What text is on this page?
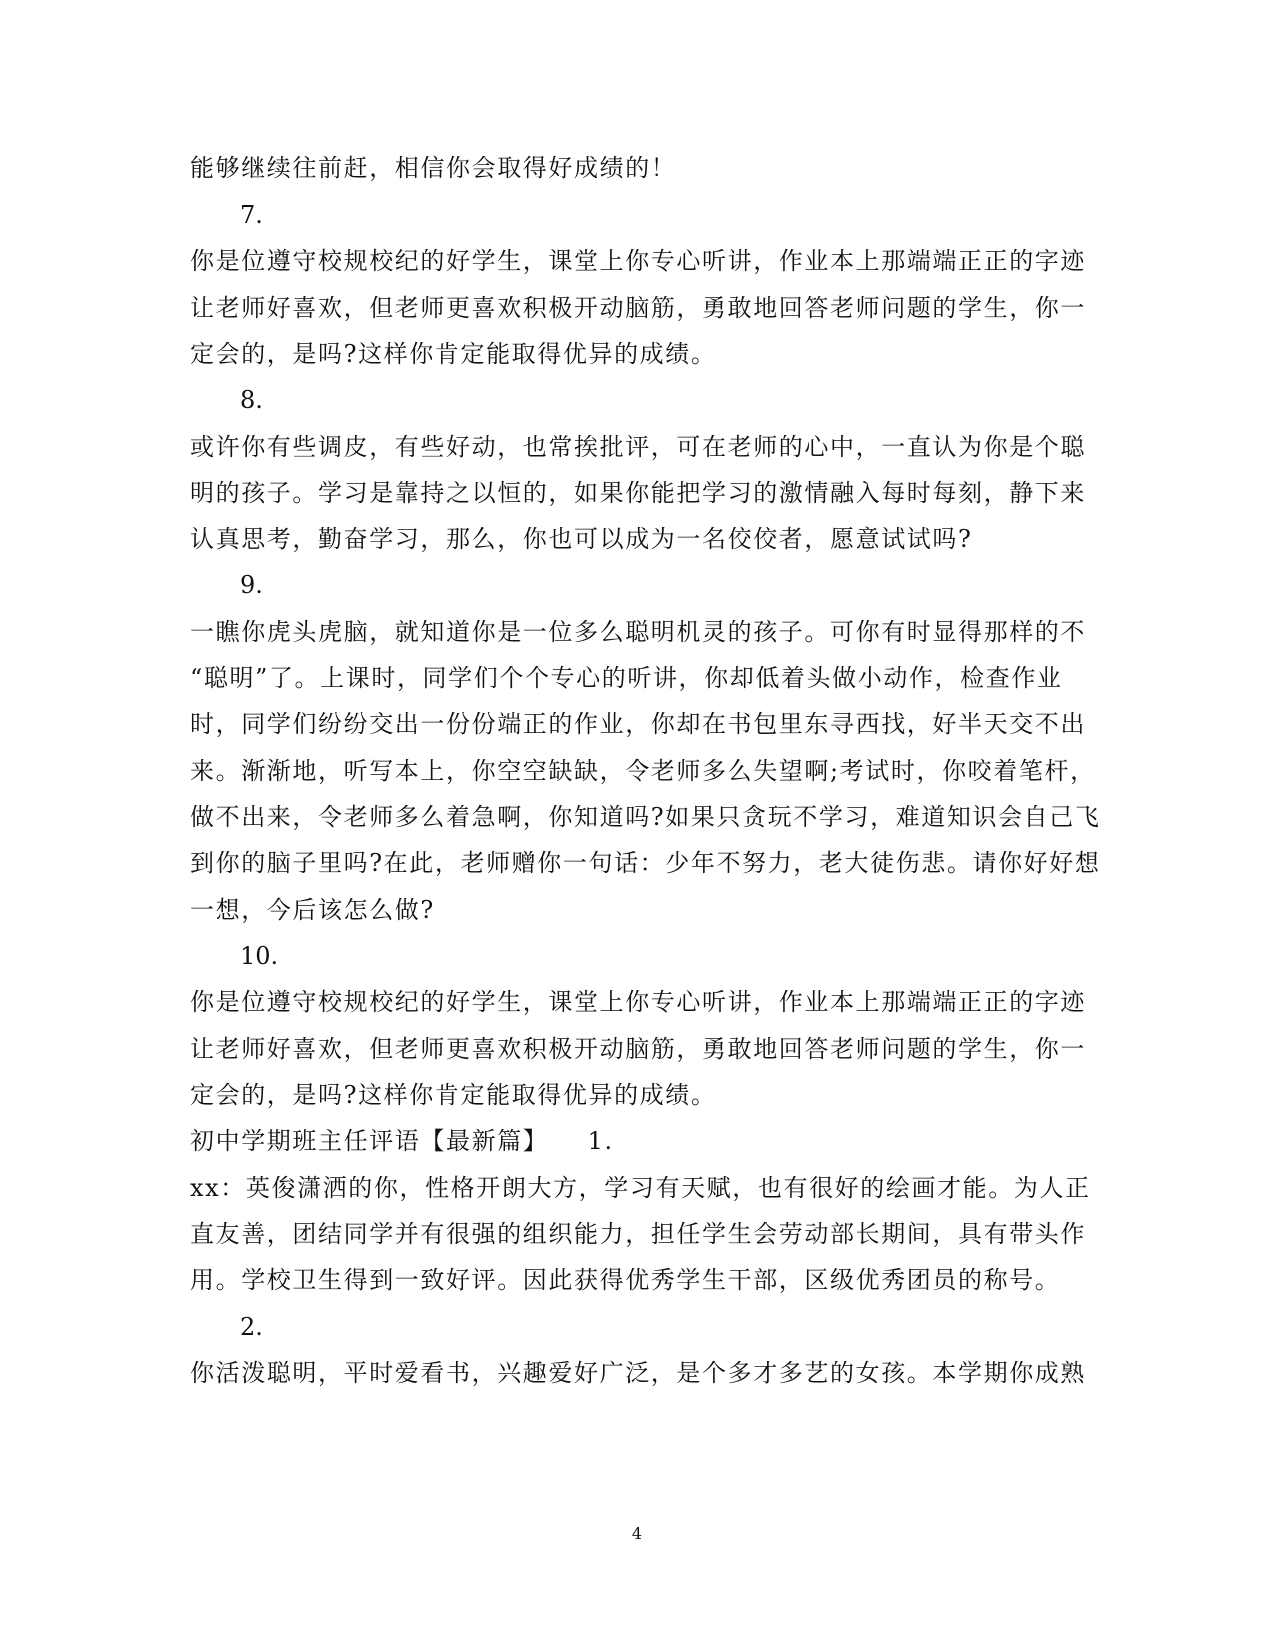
能够继续往前赶，相信你会取得好成绩的！
7.
你是位遵守校规校纪的好学生，课堂上你专心听讲，作业本上那端端正正的字迹
让老师好喜欢，但老师更喜欢积极开动脑筋，勇敢地回答老师问题的学生，你一
定会的，是吗?这样你肯定能取得优异的成绩。
8.
或许你有些调皮，有些好动，也常挨批评，可在老师的心中，一直认为你是个聪
明的孩子。学习是靠持之以恒的，如果你能把学习的激情融入每时每刻，静下来
认真思考，勤奋学习，那么，你也可以成为一名佼佼者，愿意试试吗?
9.
一瞧你虎头虎脑，就知道你是一位多么聪明机灵的孩子。可你有时显得那样的不
“聪明”了。上课时，同学们个个专心的听讲，你却低着头做小动作，检查作业
时，同学们纷纷交出一份份端正的作业，你却在书包里东寻西找，好半天交不出
来。渐渐地，听写本上，你空空缺缺，令老师多么失望啊;考试时，你咬着笔杆，
做不出来，令老师多么着急啊，你知道吗?如果只贪玩不学习，难道知识会自己飞
到你的脑子里吗?在此，老师赠你一句话：少年不努力，老大徒伤悲。请你好好想
一想，今后该怎么做?
10.
你是位遵守校规校纪的好学生，课堂上你专心听讲，作业本上那端端正正的字迹
让老师好喜欢，但老师更喜欢积极开动脑筋，勇敢地回答老师问题的学生，你一
定会的，是吗?这样你肯定能取得优异的成绩。
初中学期班主任评语【最新篇】　　1.
xx：英俊潇洒的你，性格开朗大方，学习有天赋，也有很好的绘画才能。为人正
直友善，团结同学并有很强的组织能力，担任学生会劳动部长期间，具有带头作
用。学校卫生得到一致好评。因此获得优秀学生干部，区级优秀团员的称号。
2.
你活泼聪明，平时爱看书，兴趣爱好广泛，是个多才多艺的女孩。本学期你成熟
4
